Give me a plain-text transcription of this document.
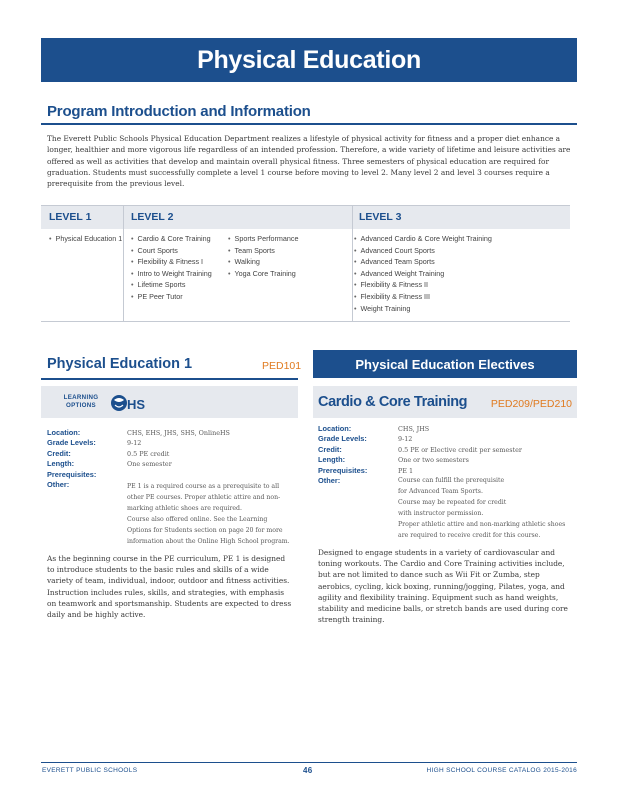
Physical Education
Program Introduction and Information

The Everett Public Schools Physical Education Department realizes a lifestyle of physical activity for fitness and a proper diet enhance a longer, healthier and more vigorous life regardless of an intended profession. Therefore, a wide variety of lifetime and leisure activities are offered as well as activities that develop and maintain overall physical fitness. Three semesters of physical education are required for graduation. Students must successfully complete a level 1 course before moving to level 2. Many level 2 and level 3 courses require a prerequisite from the previous level.

LEVEL 1	LEVEL 2	LEVEL 3
• Physical Education 1
•	Cardio & Core Training
• Court Sports
• Flexibility & Fitness I
• Intro to Weight Training
• Lifetime Sports
• PE Peer Tutor
• Sports Performance
• Team Sports
• Walking
• Yoga Core Training
• Advanced Cardio & Core Weight Training
• Advanced Court Sports
• Advanced Team Sports
• Advanced Weight Training
• Flexibility & Fitness II
• Flexibility & Fitness III
• Weight Training
Physical Education 1	PED101
LEARNING OPTIONS	HS
Location:
Grade Levels:
Credit:
Length:
Prerequisites:
Other:
CHS, EHS, JHS, SHS, OnlineHS
9-12
0.5 PE credit
One semester
PE 1 is a required course as a prerequisite to all
other PE courses. Proper athletic attire and non-
marking athletic shoes are required.
Course also offered online. See the Learning
Options for Students section on page 20 for more
information about the Online High School program.

As the beginning course in the PE curriculum, PE 1 is designed to introduce students to the basic rules and skills of a wide variety of team, individual, indoor, outdoor and fitness activities. Instruction includes rules, skills, and strategies, with emphasis on teamwork and sportsmanship. Students are expected to dress daily and be highly active.

Physical Education Electives
Cardio & Core Training PED209/PED210
Location:
Grade Levels:
Credit:
Length:
Prerequisites:
Other:
CHS, JHS
9-12
0.5 PE or Elective credit per semester
One or two semesters
PE 1
Course can fulfill the prerequisite
for Advanced Team Sports.
Course may be repeated for credit
with instructor permission.
Proper athletic attire and non-marking athletic shoes
are required to receive credit for this course.

Designed to engage students in a variety of cardiovascular and toning workouts. The Cardio and Core Training activities include, but are not limited to dance such as Wii Fit or Zumba, step aerobics, cycling, kick boxing, running/jogging, Pilates, yoga, and agility and flexibility training. Equipment such as hand weights, stability and medicine balls, or stretch bands are used during core strength training.

EVERETT PUBLIC SCHOOLS	46	HIGH SCHOOL COURSE CATALOG 2015-2016
